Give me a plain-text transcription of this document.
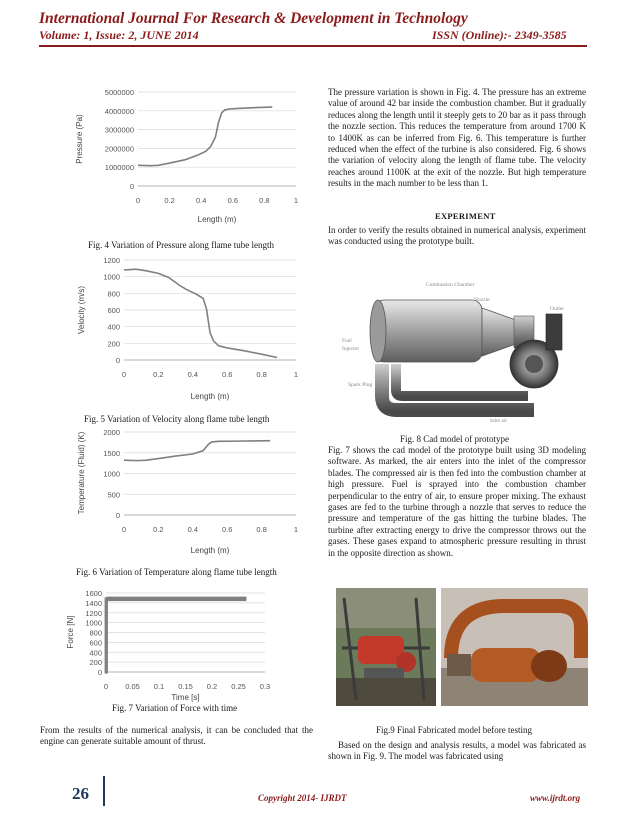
International Journal For Research & Development in Technology
Volume: 1, Issue: 2, JUNE 2014	ISSN (Online):- 2349-3585
0
1000000
2000000
3000000
4000000
5000000
0	0.2	0.4	0.6	0.8	1
Length (m)
Pressure (Pa)
0
200
400
600
800
1000
1200
0	0.2	0.4	0.6	0.8	1
Length (m)
Velocity (m/s)
0
500
1000
1500
2000
0	0.2	0.4	0.6	0.8	1
Length (m)
Temperature (Fluid) (K)
0
200
400
600
800
1000
1200
1400
1600
0 0.05 0.1 0.15 0.2 0.25 0.3
Time [s]
Force [N]
Fig. 4 Variation of Pressure along flame tube length
Fig. 5 Variation of Velocity along flame tube length
Fig. 6 Variation of Temperature along flame tube length
Fig. 7 Variation of Force with time

From the results of the numerical analysis, it can be concluded that the engine can generate suitable amount of thrust.

The pressure variation is shown in Fig. 4. The pressure has an extreme value of around 42 bar inside the combustion chamber. But it gradually reduces along the length until it steeply gets to 20 bar as it pass through the nozzle section. This reduces the temperature from around 1700 K to 1400K as can be inferred from Fig. 6. This temperature is further reduced when the effect of the turbine is also considered. Fig. 6 shows the variation of velocity along the length of flame tube. The velocity reaches around 1100K at the exit of the nozzle. But high temperature results in the mach number to be less than 1.

EXPERIMENT

In order to verify the results obtained in numerical analysis, experiment was conducted using the prototype built.

Combustion Chamber
Nozzle
Outlet
Fuel
Injector
Spark Plug
Inlet air
Fig. 8 Cad model of prototype

Fig. 7 shows the cad model of the prototype built using 3D modeling software. As marked, the air enters into the inlet of the compressor blades. The compressed air is then fed into the combustion chamber at high pressure. Fuel is sprayed into the combustion chamber perpendicular to the entry of air, to ensure proper mixing. The exhaust gases are fed to the turbine through a nozzle that serves to reduce the pressure and temperature of the gas hitting the turbine blades. The turbine after extracting energy to drive the compressor throws out the gases. These gases expand to atmospheric pressure resulting in thrust in the opposite direction as shown.

Fig.9 Final Fabricated model before testing

Based on the design and analysis results, a model was fabricated as shown in Fig. 9. The model was fabricated using

26	Copyright 2014- IJRDT	www.ijrdt.org
